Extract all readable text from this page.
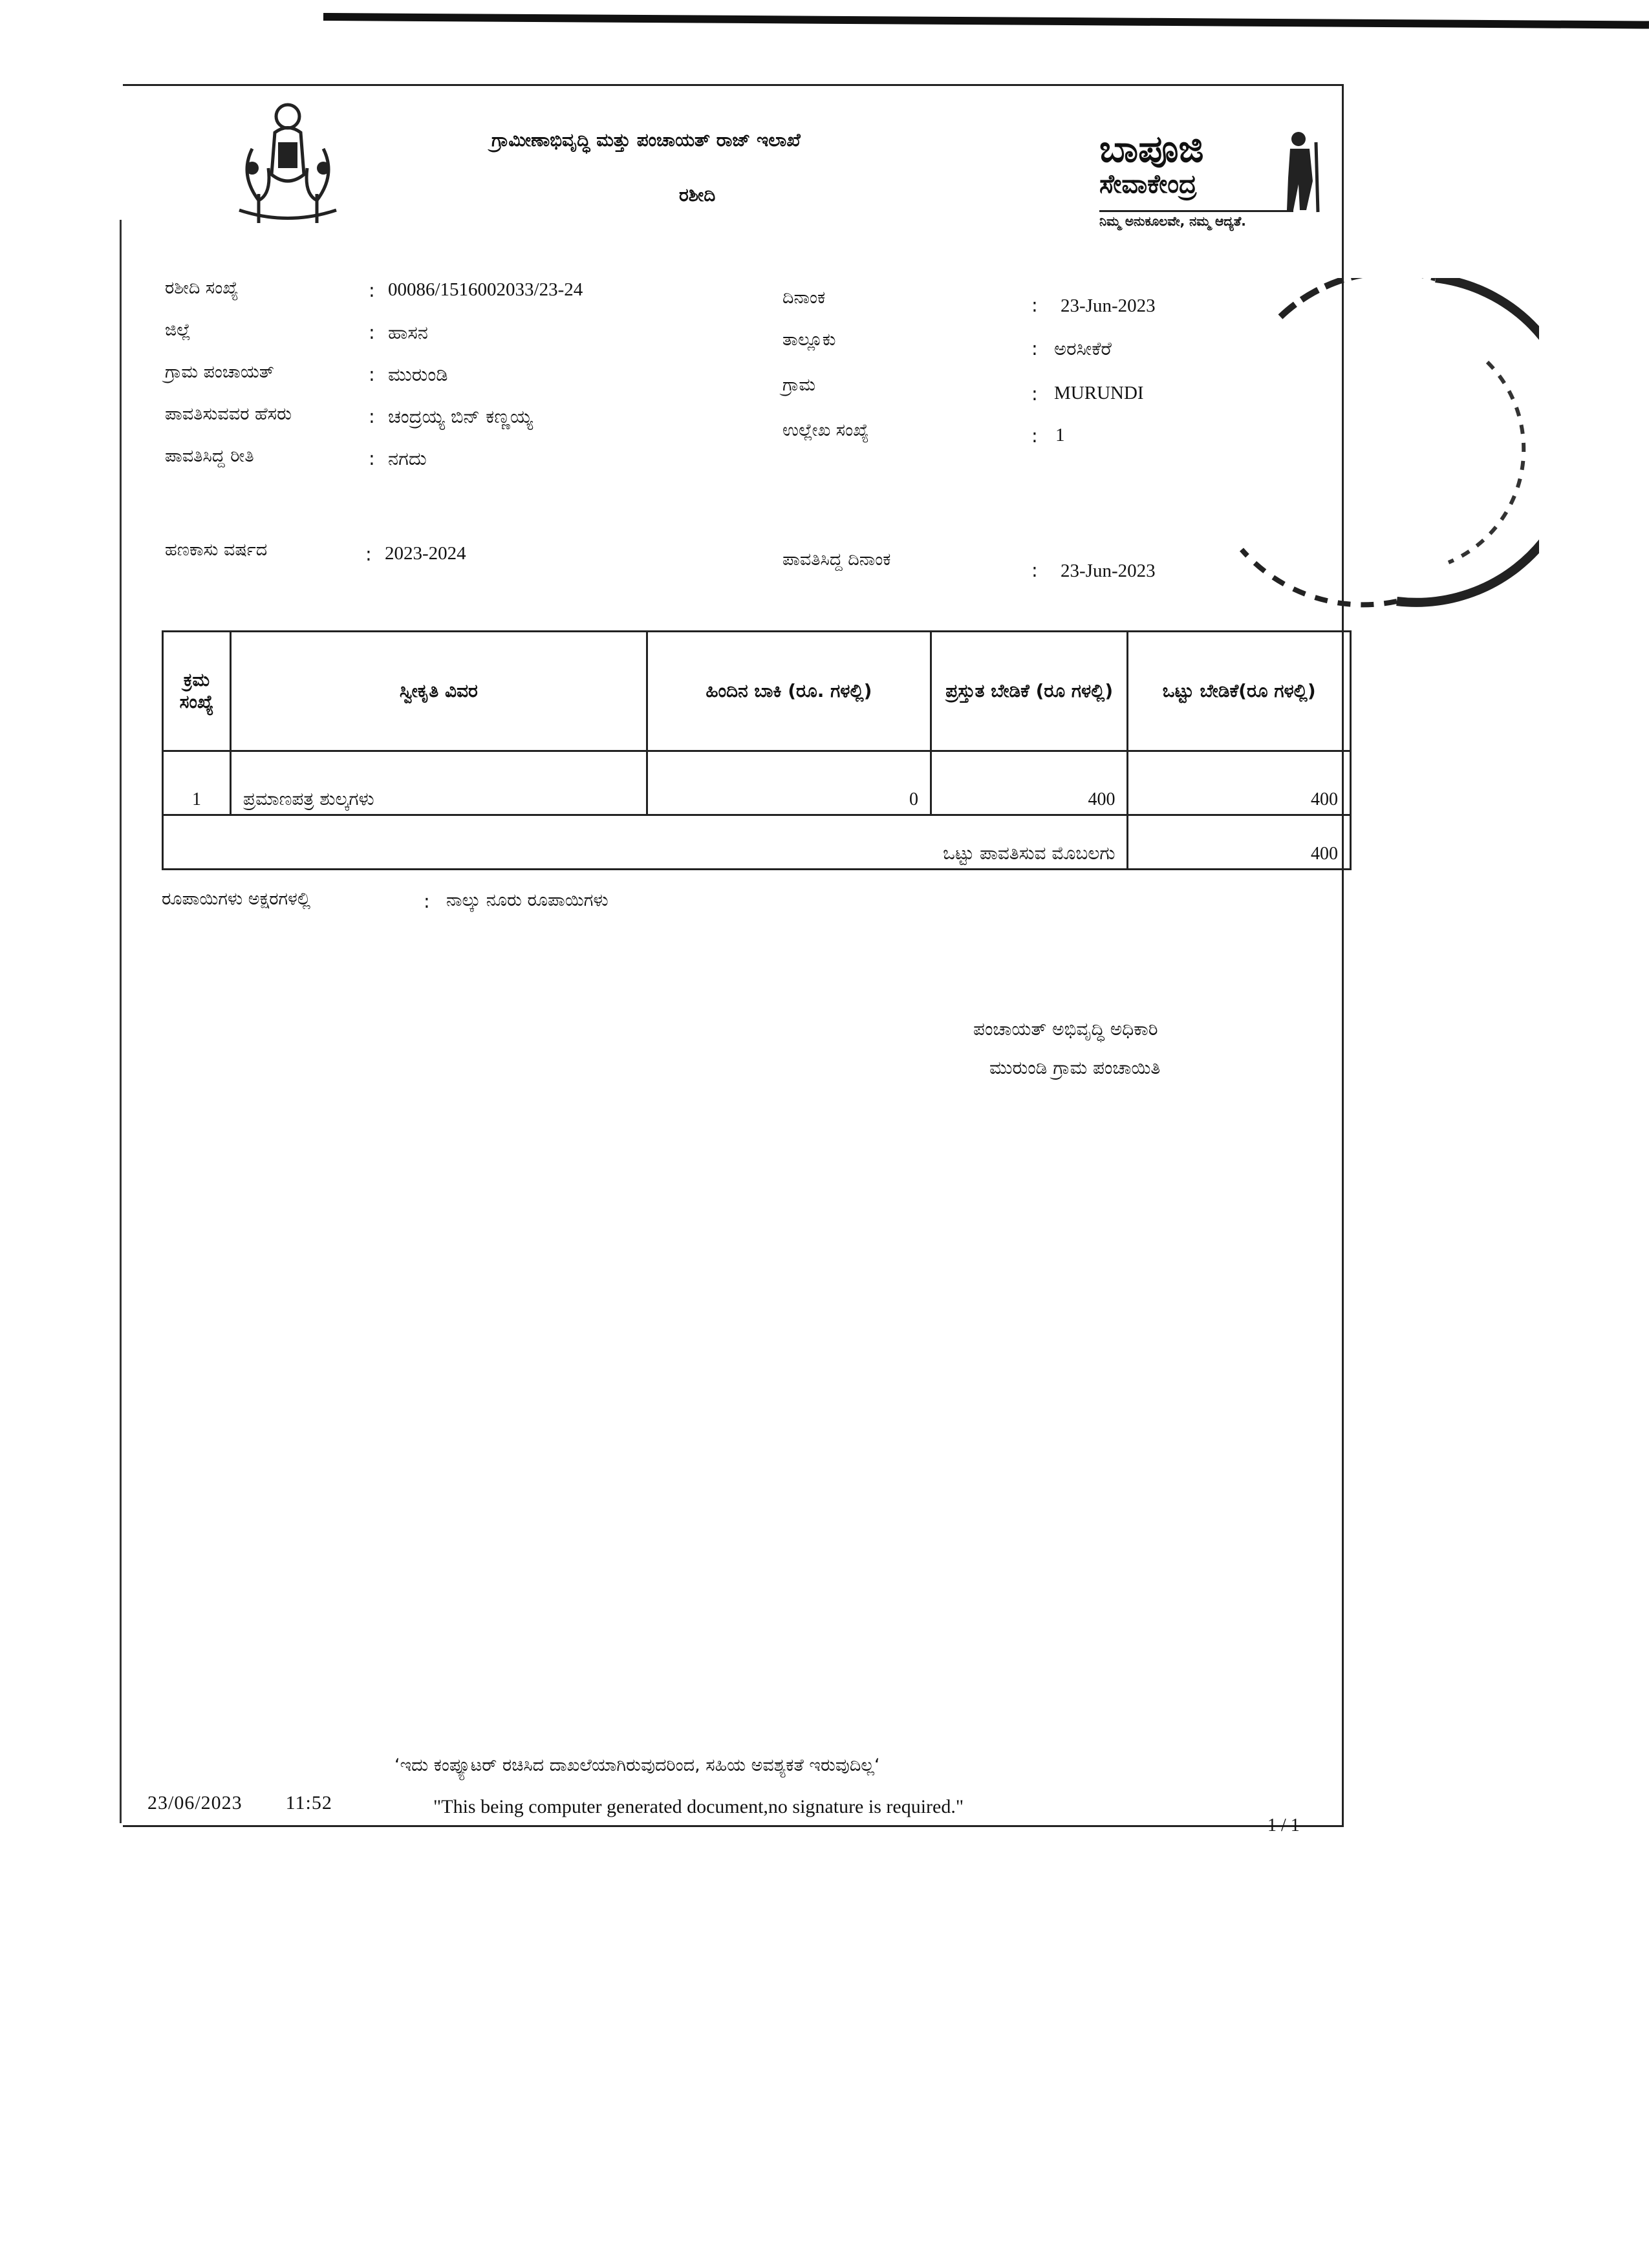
ಗ್ರಾಮೀಣಾಭಿವೃದ್ಧಿ ಮತ್ತು ಪಂಚಾಯತ್ ರಾಜ್ ಇಲಾಖೆ
ರಶೀದಿ
ಬಾಪೂಜಿ
ಸೇವಾಕೇಂದ್ರ
ನಿಮ್ಮ ಅನುಕೂಲವೇ, ನಮ್ಮ ಆದ್ಯತೆ.
ರಶೀದಿ ಸಂಖ್ಯೆ	: 00086/1516002033/23-24
ಜಿಲ್ಲೆ	: ಹಾಸನ
ಗ್ರಾಮ ಪಂಚಾಯತ್	: ಮುರುಂಡಿ
ಪಾವತಿಸುವವರ ಹೆಸರು	: ಚಂದ್ರಯ್ಯ ಬಿನ್ ಕಣ್ಣಯ್ಯ
ಪಾವತಿಸಿದ್ದ ರೀತಿ	: ನಗದು
ಹಣಕಾಸು ವರ್ಷದ	: 2023-2024
ದಿನಾಂಕ	: 23-Jun-2023
ತಾಲ್ಲೂಕು	: ಅರಸೀಕೆರೆ
ಗ್ರಾಮ	: MURUNDI
ಉಲ್ಲೇಖ ಸಂಖ್ಯೆ	: 1
ಪಾವತಿಸಿದ್ದ ದಿನಾಂಕ	: 23-Jun-2023
ಕ್ರಮ ಸಂಖ್ಯೆ	ಸ್ವೀಕೃತಿ ವಿವರ	ಹಿಂದಿನ ಬಾಕಿ (ರೂ. ಗಳಲ್ಲಿ)	ಪ್ರಸ್ತುತ ಬೇಡಿಕೆ (ರೂ ಗಳಲ್ಲಿ)	ಒಟ್ಟು ಬೇಡಿಕೆ(ರೂ ಗಳಲ್ಲಿ)
1	ಪ್ರಮಾಣಪತ್ರ ಶುಲ್ಕಗಳು	0	400	400
ಒಟ್ಟು ಪಾವತಿಸುವ ಮೊಬಲಗು				400
ರೂಪಾಯಿಗಳು ಅಕ್ಷರಗಳಲ್ಲಿ	: ನಾಲ್ಕು ನೂರು ರೂಪಾಯಿಗಳು
ಪಂಚಾಯತ್ ಅಭಿವೃದ್ಧಿ ಅಧಿಕಾರಿ
ಮುರುಂಡಿ ಗ್ರಾಮ ಪಂಚಾಯಿತಿ
‘ಇದು ಕಂಪ್ಯೂಟರ್ ರಚಿಸಿದ ದಾಖಲೆಯಾಗಿರುವುದರಿಂದ, ಸಹಿಯ ಅವಶ್ಯಕತೆ ಇರುವುದಿಲ್ಲ‘
"This being computer generated document,no signature is required."
23/06/2023 11:52
1 / 1
